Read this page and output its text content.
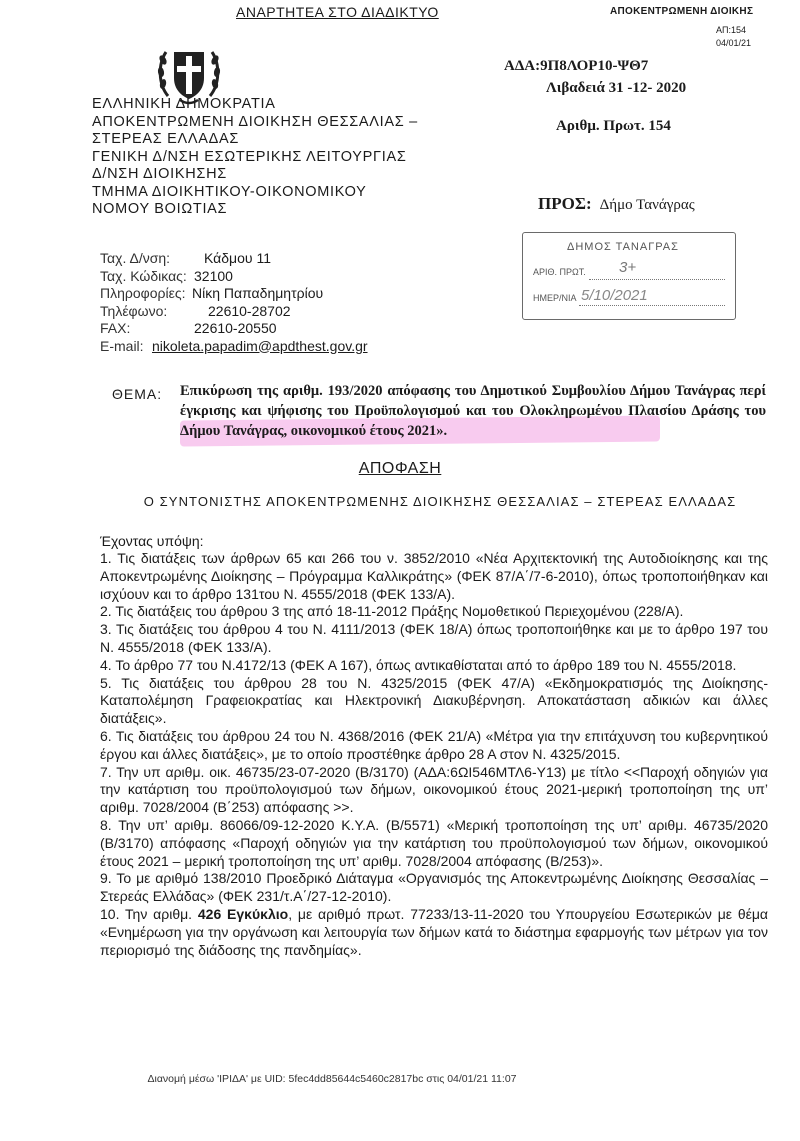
ΑΝΑΡΤΗΤΕΑ ΣΤΟ ΔΙΑΔΙΚΤΥΟ	ΑΠΟΚΕΝΤΡΩΜΕΝΗ ΔΙΟΙΚΗΣ
ΑΠ:154
04/01/21
ΑΔΑ:9Π8ΛΟΡ10-ΨΘ7
Λιβαδειά 31 -12- 2020
Αριθμ. Πρωτ. 154
ΠΡΟΣ: Δήμο Τανάγρας
ΕΛΛΗΝΙΚΗ ΔΗΜΟΚΡΑΤΙΑ
ΑΠΟΚΕΝΤΡΩΜΕΝΗ ΔΙΟΙΚΗΣΗ ΘΕΣΣΑΛΙΑΣ –
ΣΤΕΡΕΑΣ ΕΛΛΑΔΑΣ
ΓΕΝΙΚΗ Δ/ΝΣΗ ΕΣΩΤΕΡΙΚΗΣ ΛΕΙΤΟΥΡΓΙΑΣ
Δ/ΝΣΗ ΔΙΟΙΚΗΣΗΣ
ΤΜΗΜΑ ΔΙΟΙΚΗΤΙΚΟΥ-ΟΙΚΟΝΟΜΙΚΟΥ
ΝΟΜΟΥ ΒΟΙΩΤΙΑΣ
ΔΗΜΟΣ ΤΑΝΑΓΡΑΣ
ΑΡΙΘ. ΠΡΩΤ. 3+
ΗΜΕΡ/ΝΙΑ 5/10/2021
Ταχ. Δ/νση: Κάδμου 11
Ταχ. Κώδικας: 32100
Πληροφορίες: Νίκη Παπαδημητρίου
Τηλέφωνο:	22610-28702
FAX:	22610-20550
E-mail: nikoleta.papadim@apdthest.gov.gr
ΘΕΜΑ: Επικύρωση της αριθμ. 193/2020 απόφασης του Δημοτικού Συμβουλίου Δήμου Τανάγρας περί έγκρισης και ψήφισης του Προϋπολογισμού και του Ολοκληρωμένου Πλαισίου Δράσης του Δήμου Τανάγρας, οικονομικού έτους 2021».
ΑΠΟΦΑΣΗ
Ο ΣΥΝΤΟΝΙΣΤΗΣ ΑΠΟΚΕΝΤΡΩΜΕΝΗΣ ΔΙΟΙΚΗΣΗΣ ΘΕΣΣΑΛΙΑΣ – ΣΤΕΡΕΑΣ ΕΛΛΑΔΑΣ
Έχοντας υπόψη:

1. Τις διατάξεις των άρθρων 65 και 266 του ν. 3852/2010 «Νέα Αρχιτεκτονική της Αυτοδιοίκησης και της Αποκεντρωμένης Διοίκησης – Πρόγραμμα Καλλικράτης» (ΦΕΚ 87/Α΄/7-6-2010), όπως τροποποιήθηκαν και ισχύουν και το άρθρο 131του Ν. 4555/2018 (ΦΕΚ 133/Α).

2. Τις διατάξεις του άρθρου 3 της από 18-11-2012 Πράξης Νομοθετικού Περιεχομένου (228/Α).

3. Τις διατάξεις του άρθρου 4 του Ν. 4111/2013 (ΦΕΚ 18/Α) όπως τροποποιήθηκε και με το άρθρο 197 του Ν. 4555/2018 (ΦΕΚ 133/Α).

4. Το άρθρο 77 του Ν.4172/13 (ΦΕΚ Α 167), όπως αντικαθίσταται από το άρθρο 189 του Ν. 4555/2018.

5. Τις διατάξεις του άρθρου 28 του Ν. 4325/2015 (ΦΕΚ 47/Α) «Εκδημοκρατισμός της Διοίκησης-Καταπολέμηση Γραφειοκρατίας και Ηλεκτρονική Διακυβέρνηση. Αποκατάσταση αδικιών και άλλες διατάξεις».

6. Τις διατάξεις του άρθρου 24 του Ν. 4368/2016 (ΦΕΚ 21/Α) «Μέτρα για την επιτάχυνση του κυβερνητικού έργου και άλλες διατάξεις», με το οποίο προστέθηκε άρθρο 28 Α στον Ν. 4325/2015.

7. Την υπ αριθμ. οικ. 46735/23-07-2020 (Β/3170) (ΑΔΑ:6ΩΙ546ΜΤΛ6-Υ13) με τίτλο <<Παροχή οδηγιών για την κατάρτιση του προϋπολογισμού των δήμων, οικονομικού έτους 2021-μερική τροποποίηση της υπ’ αριθμ. 7028/2004 (Β΄253) απόφασης >>.

8. Την υπ’ αριθμ. 86066/09-12-2020 Κ.Υ.Α. (Β/5571) «Μερική τροποποίηση της υπ’ αριθμ. 46735/2020 (Β/3170) απόφασης «Παροχή οδηγιών για την κατάρτιση του προϋπολογισμού των δήμων, οικονομικού έτους 2021 – μερική τροποποίηση της υπ’ αριθμ. 7028/2004 απόφασης (Β/253)».

9. Το με αριθμό 138/2010 Προεδρικό Διάταγμα «Οργανισμός της Αποκεντρωμένης Διοίκησης Θεσσαλίας – Στερεάς Ελλάδας» (ΦΕΚ 231/τ.Α΄/27-12-2010).

10. Την αριθμ. 426 Εγκύκλιο, με αριθμό πρωτ. 77233/13-11-2020 του Υπουργείου Εσωτερικών με θέμα «Ενημέρωση για την οργάνωση και λειτουργία των δήμων κατά το διάστημα εφαρμογής των μέτρων για τον περιορισμό της διάδοσης της πανδημίας».

Διανομή μέσω 'ΙΡΙΔΑ' με UID: 5fec4dd85644c5460c2817bc στις 04/01/21 11:07
